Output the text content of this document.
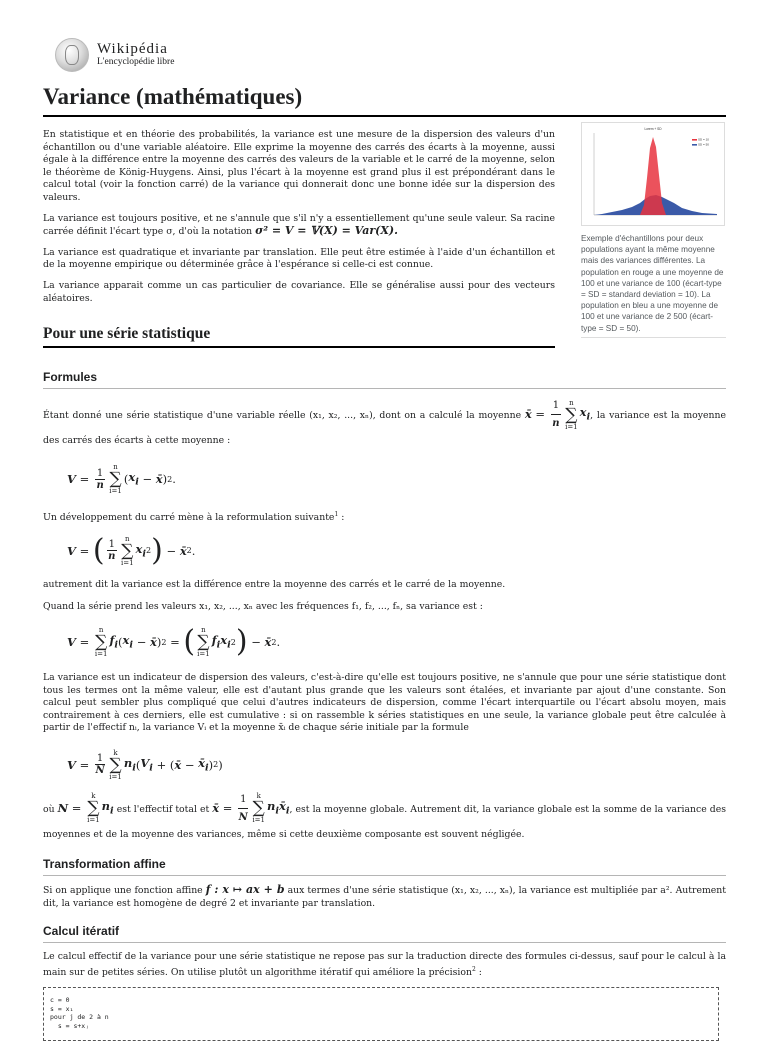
Wikipédia
L'encyclopédie libre
Variance (mathématiques)

En statistique et en théorie des probabilités, la variance est une mesure de la dispersion des valeurs d'un échantillon ou d'une variable aléatoire. Elle exprime la moyenne des carrés des écarts à la moyenne, aussi égale à la différence entre la moyenne des carrés des valeurs de la variable et le carré de la moyenne, selon le théorème de König-Huygens. Ainsi, plus l'écart à la moyenne est grand plus il est prépondérant dans le calcul total (voir la fonction carré) de la variance qui donnerait donc une bonne idée sur la dispersion des valeurs.

La variance est toujours positive, et ne s'annule que s'il n'y a essentiellement qu'une seule valeur. Sa racine carrée définit l'écart type σ, d'où la notation σ² = V = 𝕍(X) = Var(X).

La variance est quadratique et invariante par translation. Elle peut être estimée à l'aide d'un échantillon et de la moyenne empirique ou déterminée grâce à l'espérance si celle-ci est connue.

La variance apparait comme un cas particulier de covariance. Elle se généralise aussi pour des vecteurs aléatoires.

Lorem + SD
SD = 10
SD = 50
Exemple d'échantillons pour deux populations ayant la même moyenne mais des variances différentes. La population en rouge a une moyenne de 100 et une variance de 100 (écart-type = SD = standard deviation = 10). La population en bleu a une moyenne de 100 et une variance de 2 500 (écart-type = SD = 50).
Pour une série statistique
Formules

Étant donné une série statistique d'une variable réelle (x₁, x₂, ..., xₙ), dont on a calculé la moyenne x̄ = $\frac{1}{n}$ n
∑
i=1
$x_i$ , la variance est la moyenne des carrés des écarts à cette moyenne :

$V = \frac{1}{n}$
n
∑
i=1
( $x_i$ − x̄ ) 2 .

Un développement du carré mène à la reformulation suivante$^1$ :

V = ( $\frac{1}{n}$
n
∑
i=1
$x_i$ 2 ) − x̄ 2 .

autrement dit la variance est la différence entre la moyenne des carrés et le carré de la moyenne.

Quand la série prend les valeurs x₁, x₂, ..., xₙ avec les fréquences f₁, f₂, ..., fₙ, sa variance est :

V =
n
∑
i=1
$f_i$ ( $x_i$ − x̄ ) 2 = ( n
∑
i=1
$f_ix_i$ 2 ) − x̄ 2 .

La variance est un indicateur de dispersion des valeurs, c'est-à-dire qu'elle est toujours positive, ne s'annule que pour une série statistique dont tous les termes ont la même valeur, elle est d'autant plus grande que les valeurs sont étalées, et invariante par ajout d'une constante. Son calcul peut sembler plus compliqué que celui d'autres indicateurs de dispersion, comme l'écart interquartile ou l'écart absolu moyen, mais contrairement à ces derniers, elle est cumulative : si on rassemble k séries statistiques en une seule, la variance globale peut être calculée à partir de l'effectif nᵢ, la variance Vᵢ et la moyenne x̄ᵢ de chaque série initiale par la formule

$V = \frac{1}{N}$
k
∑
i=1
$n_i$ ( $V_i$ + ( x̄ − $x̄_i$ ) 2 )

où N =
k
∑
i=1
$n_i$ est l'effectif total et x̄ = $\frac{1}{N}$ k
∑
i=1
$n_ix̄_i$ , est la moyenne globale. Autrement dit, la variance globale est la somme de la variance des moyennes et de la moyenne des variances, même si cette deuxième composante est souvent négligée.

Transformation affine

Si on applique une fonction affine f : x ↦ ax + b aux termes d'une série statistique (x₁, x₂, ..., xₙ), la variance est multipliée par a². Autrement dit, la variance est homogène de degré 2 et invariante par translation.

Calcul itératif

Le calcul effectif de la variance pour une série statistique ne repose pas sur la traduction directe des formules ci-dessus, sauf pour le calcul à la main sur de petites séries. On utilise plutôt un algorithme itératif qui améliore la précision$^2$ :

c = 0
s = x₁
pour j de 2 à n
s = s+xⱼ
